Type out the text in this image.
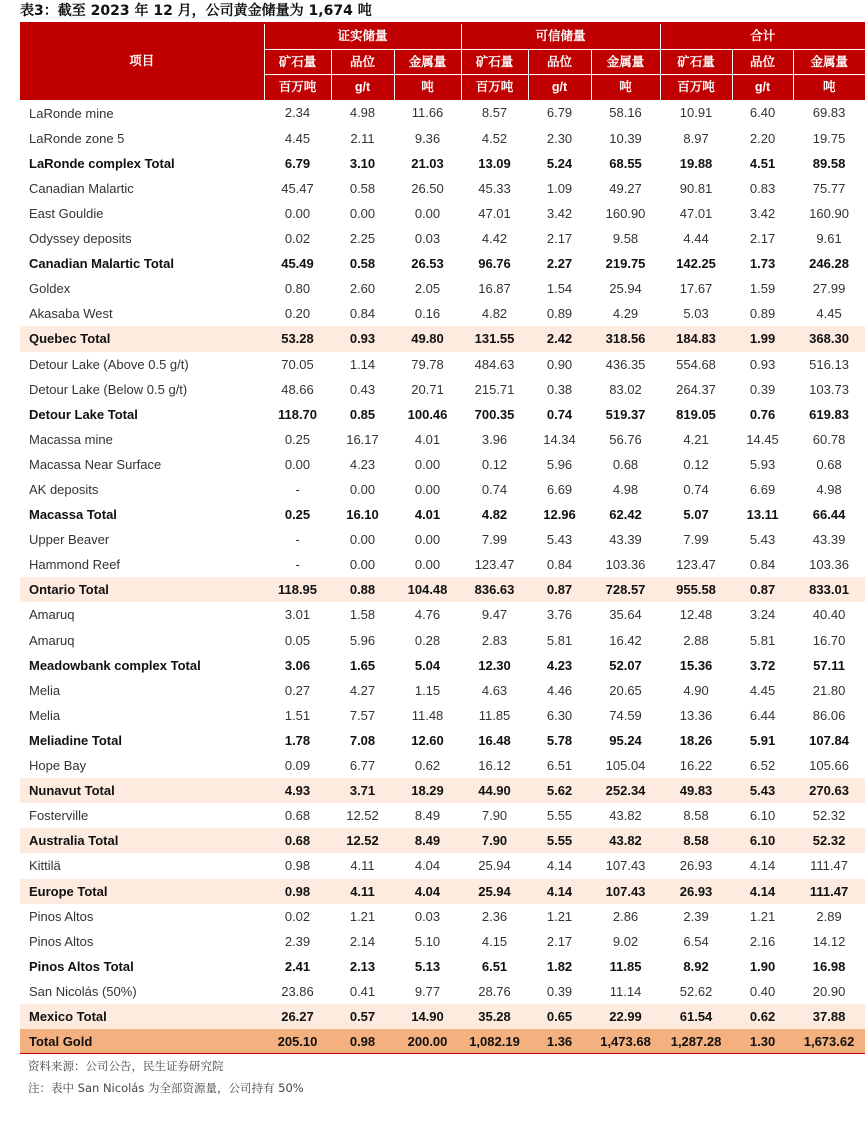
表3：截至 2023 年 12 月，公司黄金储量为 1,674 吨
项目	证实储量			可信储量			合计		
	矿石量	品位	金属量	矿石量	品位	金属量	矿石量	品位	金属量
	百万吨	g/t	吨	百万吨	g/t	吨	百万吨	g/t	吨
LaRonde mine	2.34	4.98	11.66	8.57	6.79	58.16	10.91	6.40	69.83
LaRonde zone 5	4.45	2.11	9.36	4.52	2.30	10.39	8.97	2.20	19.75
LaRonde complex Total	6.79	3.10	21.03	13.09	5.24	68.55	19.88	4.51	89.58
Canadian Malartic	45.47	0.58	26.50	45.33	1.09	49.27	90.81	0.83	75.77
East Gouldie	0.00	0.00	0.00	47.01	3.42	160.90	47.01	3.42	160.90
Odyssey deposits	0.02	2.25	0.03	4.42	2.17	9.58	4.44	2.17	9.61
Canadian Malartic Total	45.49	0.58	26.53	96.76	2.27	219.75	142.25	1.73	246.28
Goldex	0.80	2.60	2.05	16.87	1.54	25.94	17.67	1.59	27.99
Akasaba West	0.20	0.84	0.16	4.82	0.89	4.29	5.03	0.89	4.45
Quebec Total	53.28	0.93	49.80	131.55	2.42	318.56	184.83	1.99	368.30
Detour Lake (Above 0.5 g/t)	70.05	1.14	79.78	484.63	0.90	436.35	554.68	0.93	516.13
Detour Lake (Below 0.5 g/t)	48.66	0.43	20.71	215.71	0.38	83.02	264.37	0.39	103.73
Detour Lake Total	118.70	0.85	100.46	700.35	0.74	519.37	819.05	0.76	619.83
Macassa mine	0.25	16.17	4.01	3.96	14.34	56.76	4.21	14.45	60.78
Macassa Near Surface	0.00	4.23	0.00	0.12	5.96	0.68	0.12	5.93	0.68
AK deposits	-	0.00	0.00	0.74	6.69	4.98	0.74	6.69	4.98
Macassa Total	0.25	16.10	4.01	4.82	12.96	62.42	5.07	13.11	66.44
Upper Beaver	-	0.00	0.00	7.99	5.43	43.39	7.99	5.43	43.39
Hammond Reef	-	0.00	0.00	123.47	0.84	103.36	123.47	0.84	103.36
Ontario Total	118.95	0.88	104.48	836.63	0.87	728.57	955.58	0.87	833.01
Amaruq	3.01	1.58	4.76	9.47	3.76	35.64	12.48	3.24	40.40
Amaruq	0.05	5.96	0.28	2.83	5.81	16.42	2.88	5.81	16.70
Meadowbank complex Total	3.06	1.65	5.04	12.30	4.23	52.07	15.36	3.72	57.11
Melia	0.27	4.27	1.15	4.63	4.46	20.65	4.90	4.45	21.80
Melia	1.51	7.57	11.48	11.85	6.30	74.59	13.36	6.44	86.06
Meliadine Total	1.78	7.08	12.60	16.48	5.78	95.24	18.26	5.91	107.84
Hope Bay	0.09	6.77	0.62	16.12	6.51	105.04	16.22	6.52	105.66
Nunavut Total	4.93	3.71	18.29	44.90	5.62	252.34	49.83	5.43	270.63
Fosterville	0.68	12.52	8.49	7.90	5.55	43.82	8.58	6.10	52.32
Australia Total	0.68	12.52	8.49	7.90	5.55	43.82	8.58	6.10	52.32
Kittilä	0.98	4.11	4.04	25.94	4.14	107.43	26.93	4.14	111.47
Europe Total	0.98	4.11	4.04	25.94	4.14	107.43	26.93	4.14	111.47
Pinos Altos	0.02	1.21	0.03	2.36	1.21	2.86	2.39	1.21	2.89
Pinos Altos	2.39	2.14	5.10	4.15	2.17	9.02	6.54	2.16	14.12
Pinos Altos Total	2.41	2.13	5.13	6.51	1.82	11.85	8.92	1.90	16.98
San Nicolás (50%)	23.86	0.41	9.77	28.76	0.39	11.14	52.62	0.40	20.90
Mexico Total	26.27	0.57	14.90	35.28	0.65	22.99	61.54	0.62	37.88
Total Gold	205.10	0.98	200.00	1,082.19	1.36	1,473.68	1,287.28	1.30	1,673.62
资料来源：公司公告，民生证券研究院
注：表中 San Nicolás 为全部资源量，公司持有 50%
